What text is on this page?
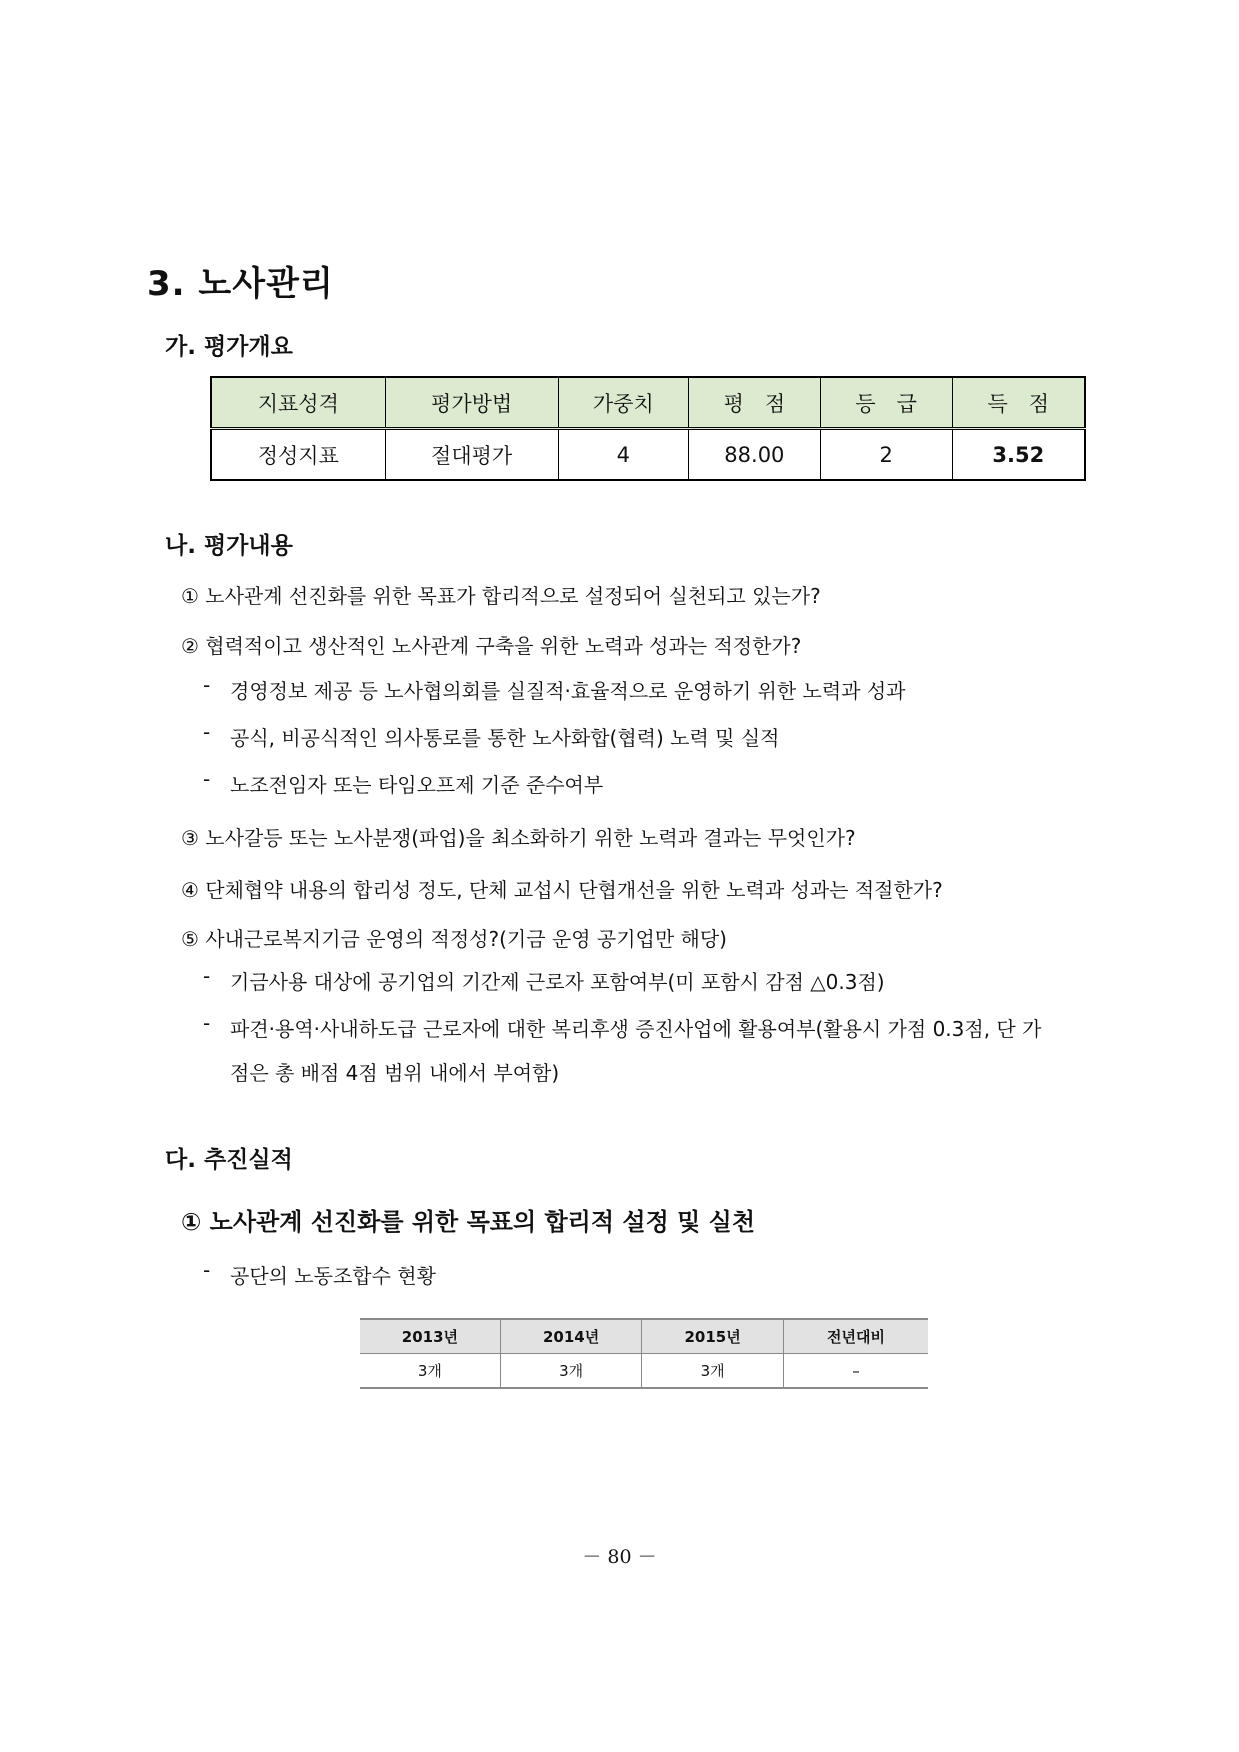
3. 노사관리
가. 평가개요
지표성격	평가방법	가중치	평　점	등　급	득　점
정성지표	절대평가	4	88.00	2	3.52
나. 평가내용
① 노사관계 선진화를 위한 목표가 합리적으로 설정되어 실천되고 있는가?
② 협력적이고 생산적인 노사관계 구축을 위한 노력과 성과는 적정한가?
- 경영정보 제공 등 노사협의회를 실질적·효율적으로 운영하기 위한 노력과 성과
- 공식, 비공식적인 의사통로를 통한 노사화합(협력) 노력 및 실적
- 노조전임자 또는 타임오프제 기준 준수여부
③ 노사갈등 또는 노사분쟁(파업)을 최소화하기 위한 노력과 결과는 무엇인가?
④ 단체협약 내용의 합리성 정도, 단체 교섭시 단협개선을 위한 노력과 성과는 적절한가?
⑤ 사내근로복지기금 운영의 적정성?(기금 운영 공기업만 해당)
- 기금사용 대상에 공기업의 기간제 근로자 포함여부(미 포함시 감점 △0.3점)
- 파견·용역·사내하도급 근로자에 대한 복리후생 증진사업에 활용여부(활용시 가점 0.3점, 단 가
점은 총 배점 4점 범위 내에서 부여함)
다. 추진실적
① 노사관계 선진화를 위한 목표의 합리적 설정 및 실천
- 공단의 노동조합수 현황
2013년	2014년	2015년	전년대비
3개	3개	3개	–
－ 80 －
